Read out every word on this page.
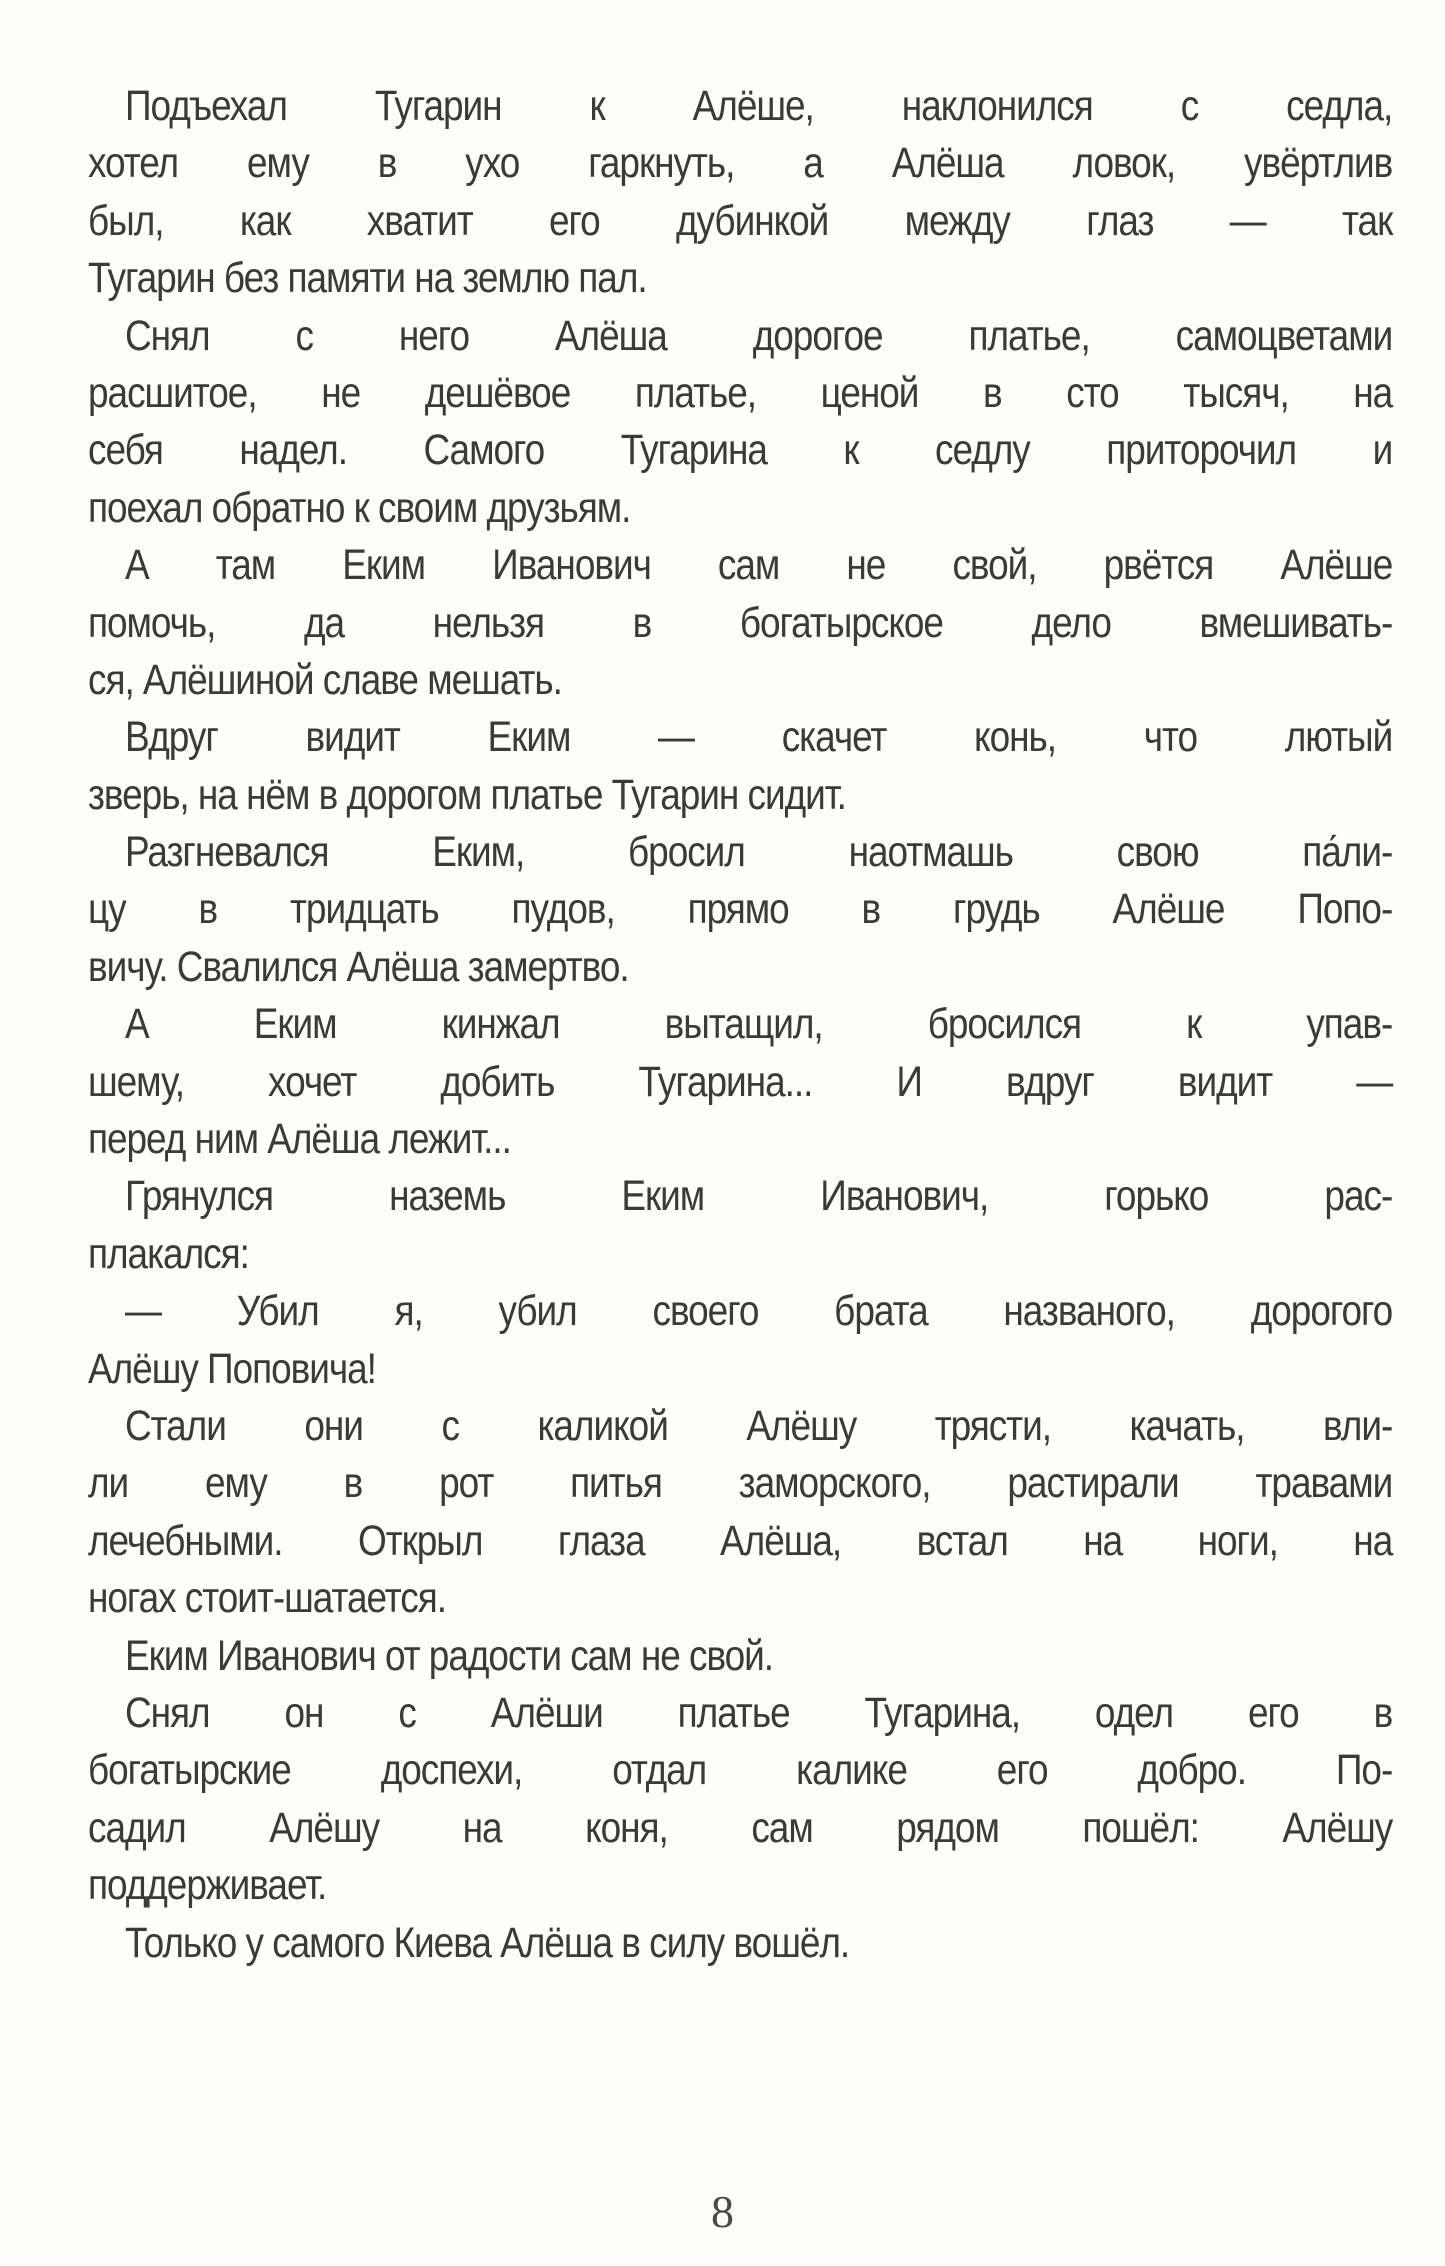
Подъехал Тугарин к Алёше, наклонился с седла,
хотел ему в ухо гаркнуть, а Алёша ловок, увёртлив
был, как хватит его дубинкой между глаз — так
Тугарин без памяти на землю пал.
Снял с него Алёша дорогое платье, самоцветами
расшитое, не дешёвое платье, ценой в сто тысяч, на
себя надел. Самого Тугарина к седлу приторочил и
поехал обратно к своим друзьям.
А там Еким Иванович сам не свой, рвётся Алёше
помочь, да нельзя в богатырское дело вмешивать-
ся, Алёшиной славе мешать.
Вдруг видит Еким — скачет конь, что лютый
зверь, на нём в дорогом платье Тугарин сидит.
Разгневался Еким, бросил наотмашь свою па́ли-
цу в тридцать пудов, прямо в грудь Алёше Попо-
вичу. Свалился Алёша замертво.
А Еким кинжал вытащил, бросился к упав-
шему, хочет добить Тугарина... И вдруг видит —
перед ним Алёша лежит...
Грянулся наземь Еким Иванович, горько рас-
плакался:
— Убил я, убил своего брата названого, дорогого
Алёшу Поповича!
Стали они с каликой Алёшу трясти, качать, вли-
ли ему в рот питья заморского, растирали травами
лечебными. Открыл глаза Алёша, встал на ноги, на
ногах стоит-шатается.
Еким Иванович от радости сам не свой.
Снял он с Алёши платье Тугарина, одел его в
богатырские доспехи, отдал калике его добро. По-
садил Алёшу на коня, сам рядом пошёл: Алёшу
поддерживает.
Только у самого Киева Алёша в силу вошёл.
8
